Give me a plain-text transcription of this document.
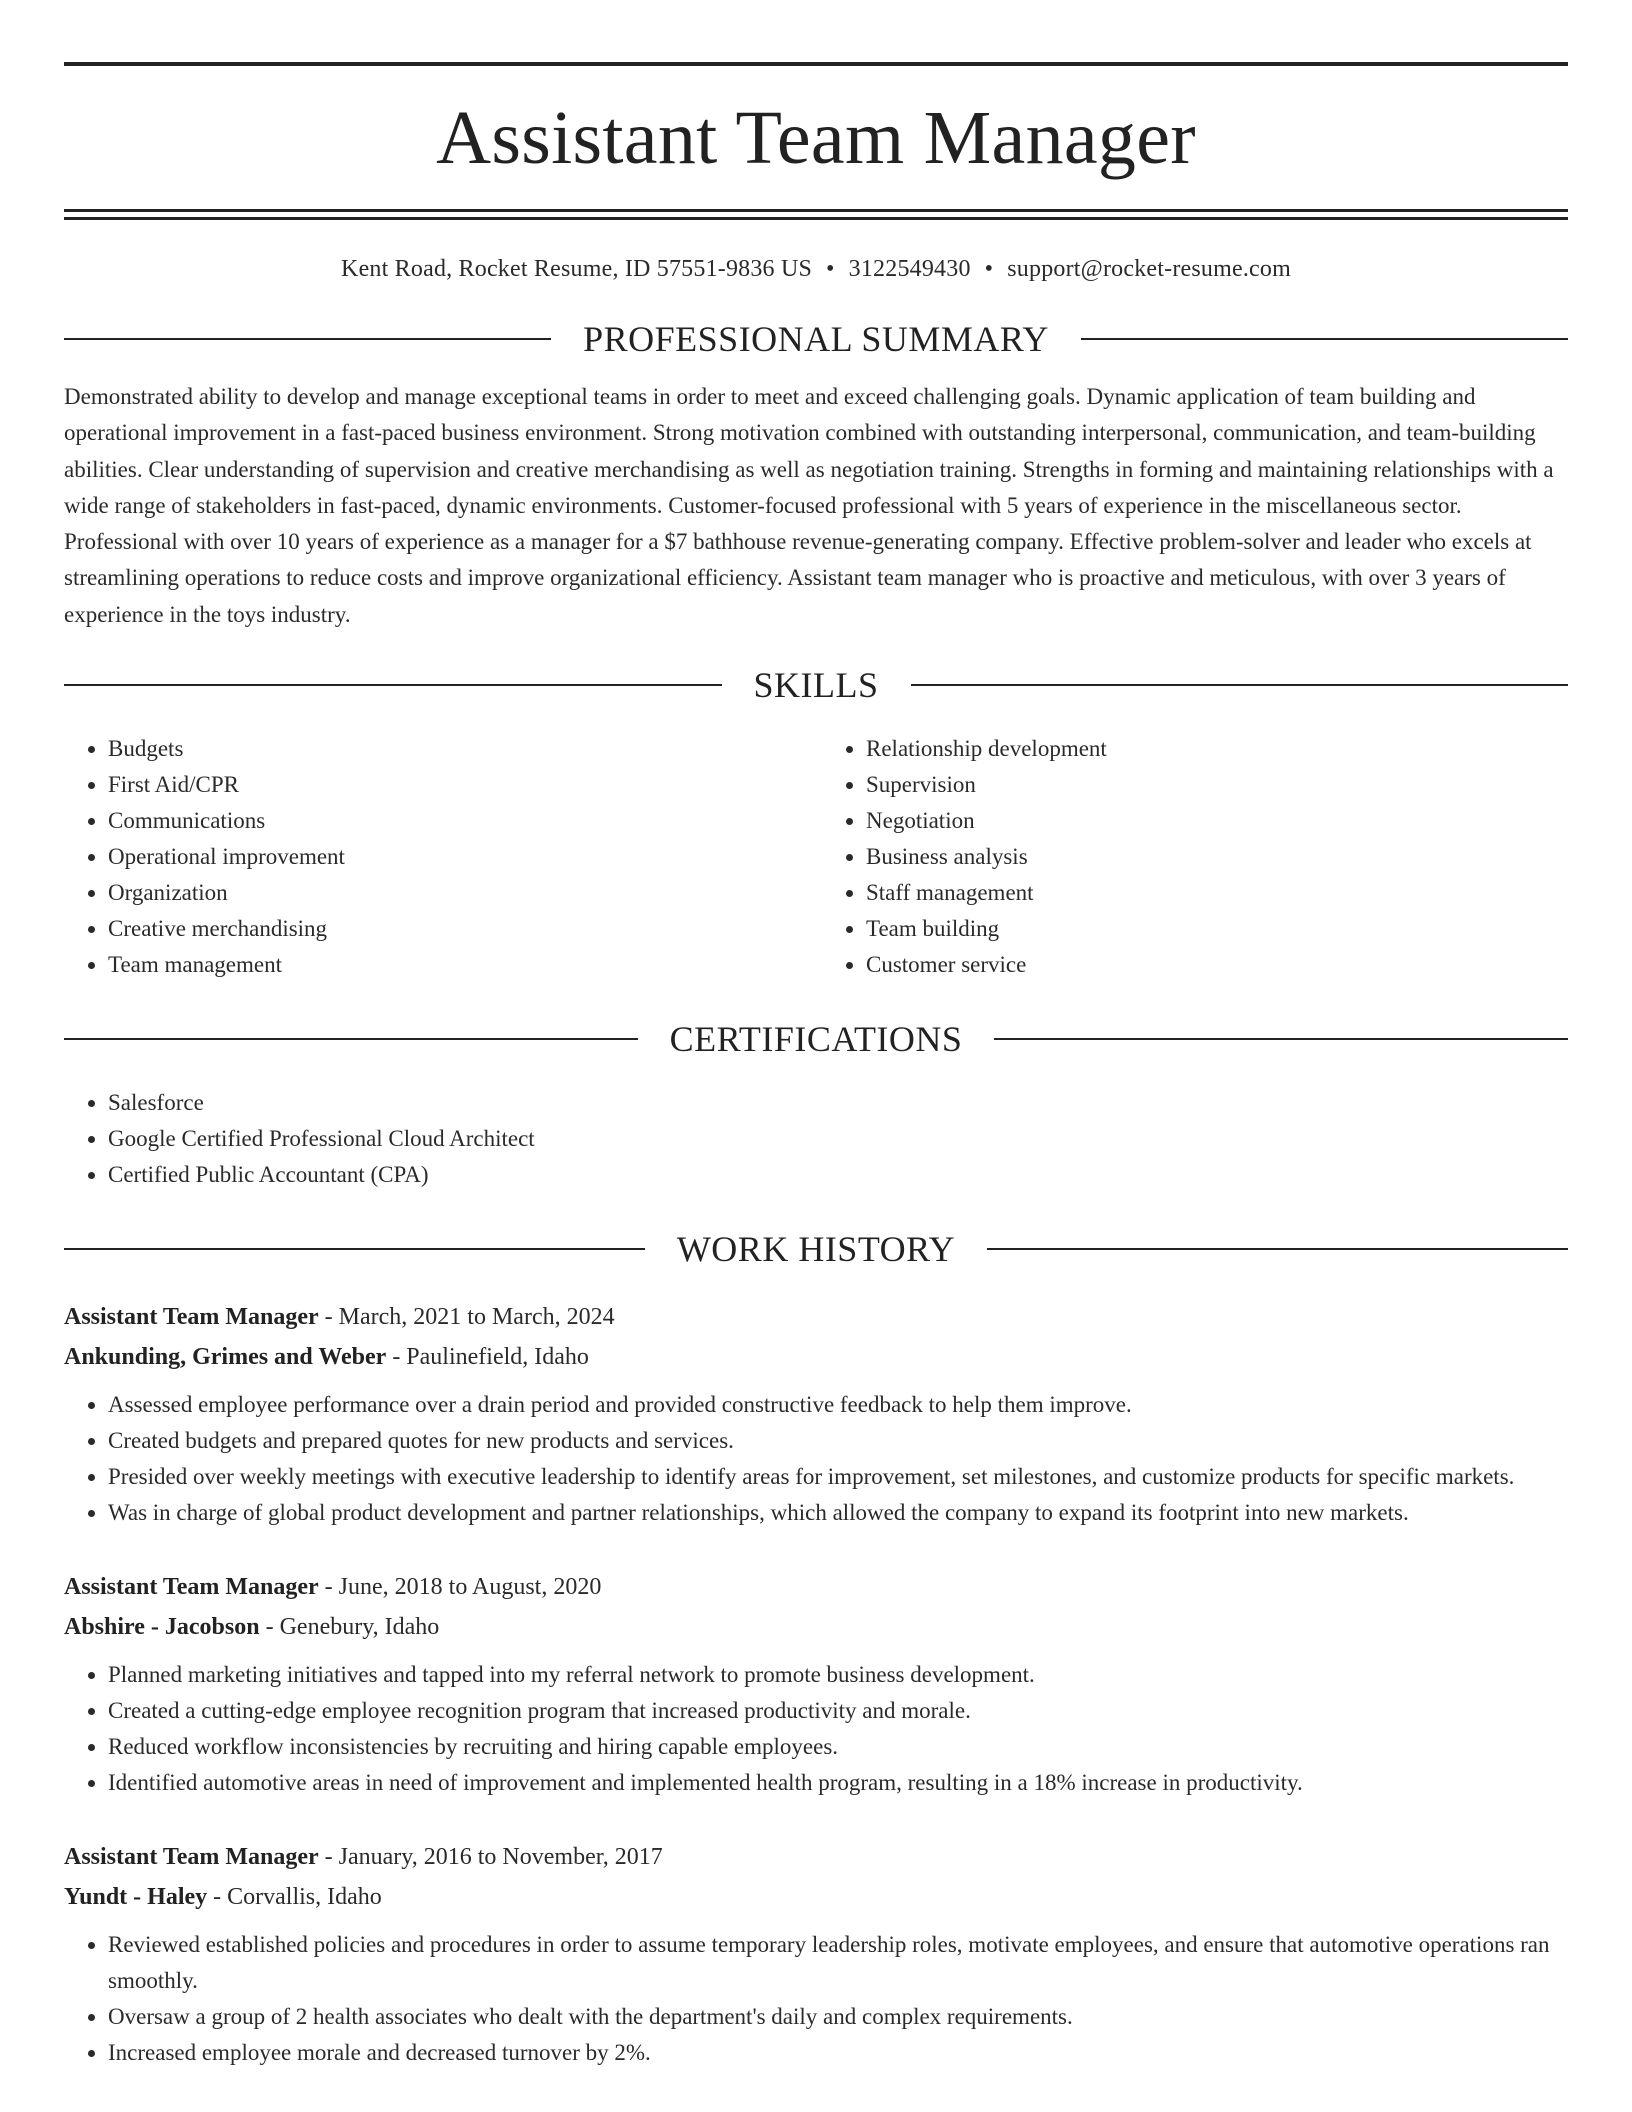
Assistant Team Manager
Kent Road, Rocket Resume, ID 57551-9836 US • 3122549430 • support@rocket-resume.com
PROFESSIONAL SUMMARY

Demonstrated ability to develop and manage exceptional teams in order to meet and exceed challenging goals. Dynamic application of team building and operational improvement in a fast-paced business environment. Strong motivation combined with outstanding interpersonal, communication, and team-building abilities. Clear understanding of supervision and creative merchandising as well as negotiation training. Strengths in forming and maintaining relationships with a wide range of stakeholders in fast-paced, dynamic environments. Customer-focused professional with 5 years of experience in the miscellaneous sector. Professional with over 10 years of experience as a manager for a $7 bathhouse revenue-generating company. Effective problem-solver and leader who excels at streamlining operations to reduce costs and improve organizational efficiency. Assistant team manager who is proactive and meticulous, with over 3 years of experience in the toys industry.

SKILLS
• Budgets
• First Aid/CPR
• Communications
• Operational improvement
• Organization
• Creative merchandising
• Team management
• Relationship development
• Supervision
• Negotiation
• Business analysis
• Staff management
• Team building
• Customer service
CERTIFICATIONS
• Salesforce
• Google Certified Professional Cloud Architect
• Certified Public Accountant (CPA)
WORK HISTORY
Assistant Team Manager - March, 2021 to March, 2024
Ankunding, Grimes and Weber - Paulinefield, Idaho
• Assessed employee performance over a drain period and provided constructive feedback to help them improve.
• Created budgets and prepared quotes for new products and services.
• Presided over weekly meetings with executive leadership to identify areas for improvement, set milestones, and customize products for specific markets.
• Was in charge of global product development and partner relationships, which allowed the company to expand its footprint into new markets.
Assistant Team Manager - June, 2018 to August, 2020
Abshire - Jacobson - Genebury, Idaho
• Planned marketing initiatives and tapped into my referral network to promote business development.
• Created a cutting-edge employee recognition program that increased productivity and morale.
• Reduced workflow inconsistencies by recruiting and hiring capable employees.
• Identified automotive areas in need of improvement and implemented health program, resulting in a 18% increase in productivity.
Assistant Team Manager - January, 2016 to November, 2017
Yundt - Haley - Corvallis, Idaho
• Reviewed established policies and procedures in order to assume temporary leadership roles, motivate employees, and ensure that automotive operations ran smoothly.
• Oversaw a group of 2 health associates who dealt with the department's daily and complex requirements.
• Increased employee morale and decreased turnover by 2%.
